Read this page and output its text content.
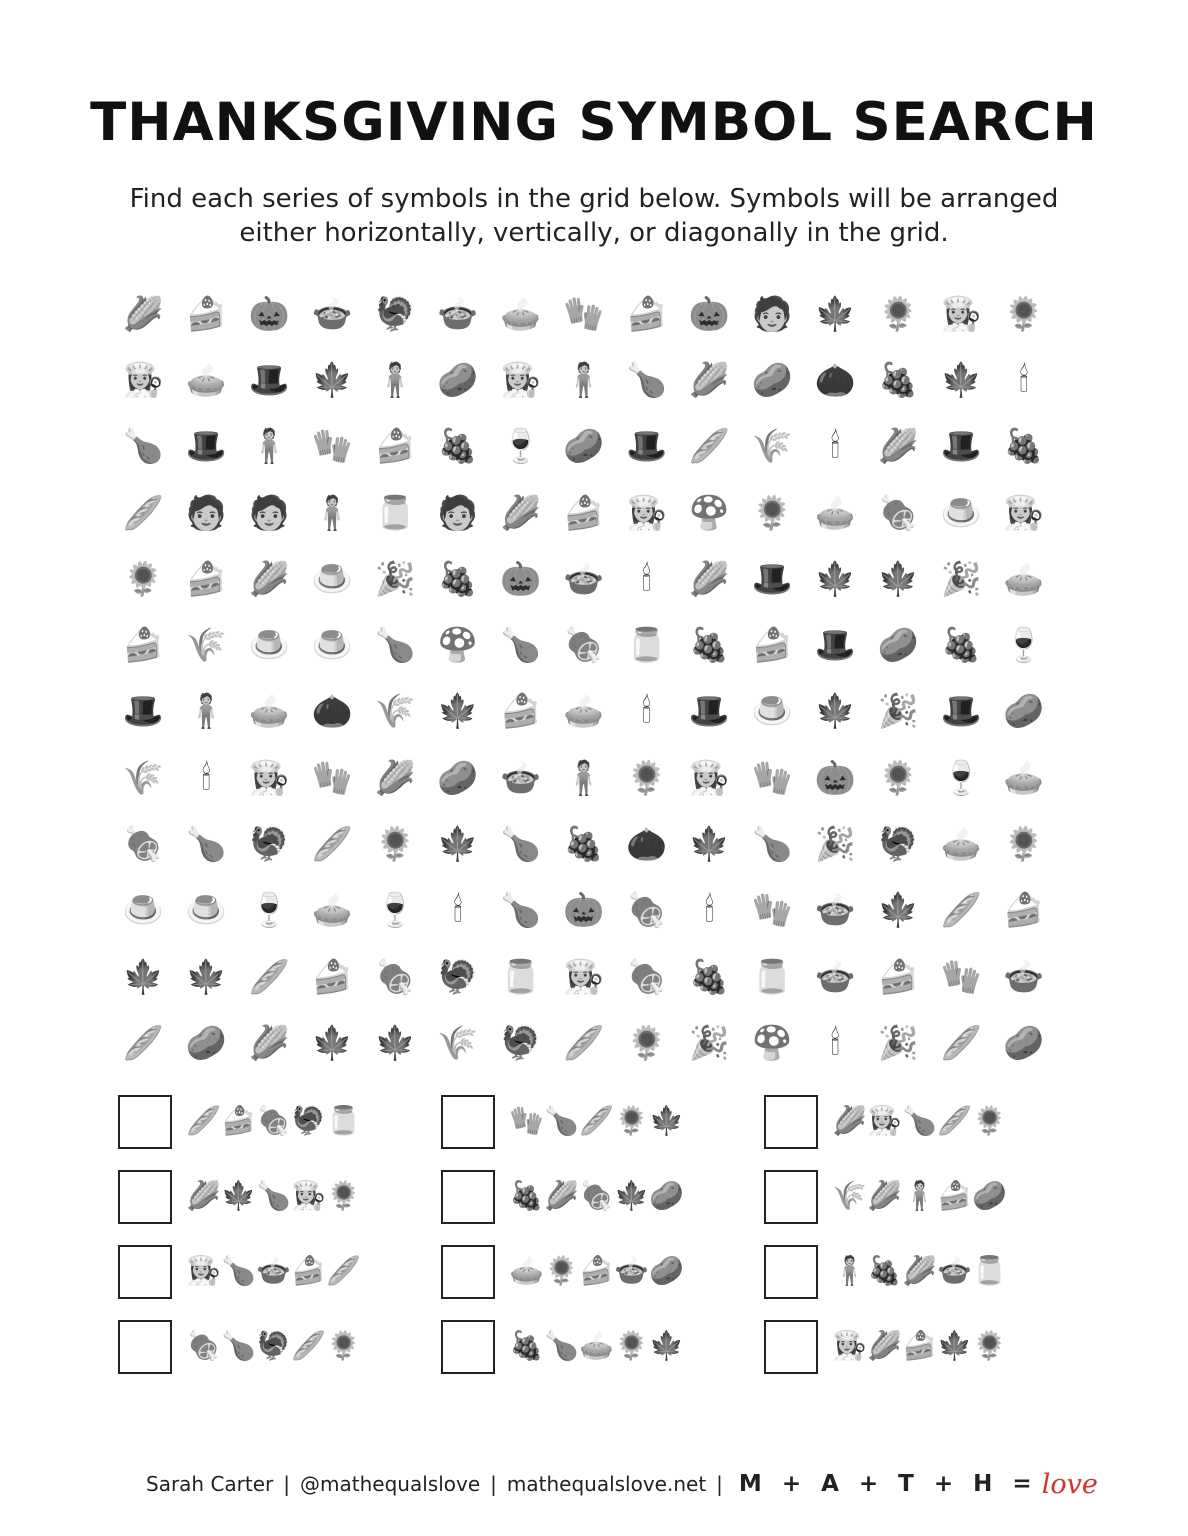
THANKSGIVING SYMBOL SEARCH
Find each series of symbols in the grid below. Symbols will be arranged either horizontally, vertically, or diagonally in the grid.
🌽 🍰 🎃 🍲 🦃 🍲 🥧 🧤 🍰 🎃 🧑 🍁 🌻 👩‍🍳 🌻
👩‍🍳 🥧 🎩 🍁 🧍 🥔 👩‍🍳 🧍 🍗 🌽 🥔 🌰 🍇 🍁	🕯
🍗 🎩 🧍 🧤 🍰 🍇 🍷 🥔 🎩 🥖 🌾	🕯	🌽 🎩 🍇
🥖 🧑 🧑 🧍 🫙 🧑 🌽 🍰 👩‍🍳 🍄 🌻 🥧 🍖 🍮 👩‍🍳
🌻 🍰 🌽 🍮 🎉 🍇 🎃 🍲	🕯	🌽 🎩 🍁 🍁 🎉 🥧
🍰 🌾 🍮 🍮 🍗 🍄 🍗 🍖 🫙 🍇 🍰 🎩 🥔 🍇 🍷
🎩 🧍 🥧 🌰 🌾 🍁 🍰 🥧	🕯	🎩 🍮 🍁 🎉 🎩 🥔
🌾	🕯	👩‍🍳 🧤 🌽 🥔 🍲 🧍 🌻 👩‍🍳 🧤 🎃 🌻 🍷 🥧
🍖 🍗 🦃 🥖 🌻 🍁 🍗 🍇 🌰 🍁 🍗 🎉 🦃 🥧 🌻
🍮 🍮 🍷 🥧 🍷	🕯	🍗 🎃 🍖	🕯	🧤 🍲 🍁 🥖 🍰
🍁 🍁 🥖 🍰 🍖 🦃 🫙 👩‍🍳 🍖 🍇 🫙 🍲 🍰 🧤 🍲
🥖 🥔 🌽 🍁 🍁 🌾 🦃 🥖 🌻 🎉 🍄	🕯	🎉 🥖 🥔
🥖 🍰 🍖 🦃 🫙	🧤 🍗 🥖 🌻 🍁	🌽 👩‍🍳 🍗 🥖 🌻
🌽 🍁 🍗 👩‍🍳 🌻	🍇 🌽 🍖 🍁 🥔	🌾 🌽 🧍 🍰 🥔
👩‍🍳 🍗 🍲 🍰 🥖	🥧 🌻 🍰 🍲 🥔	🧍 🍇 🌽 🍲 🫙
🍖 🍗 🦃 🥖 🌻	🍇 🍗 🥧 🌻 🍁	👩‍🍳 🌽 🍰 🍁 🌻
Sarah Carter | @mathequalslove | mathequalslove.net | M + A + T + H = love
